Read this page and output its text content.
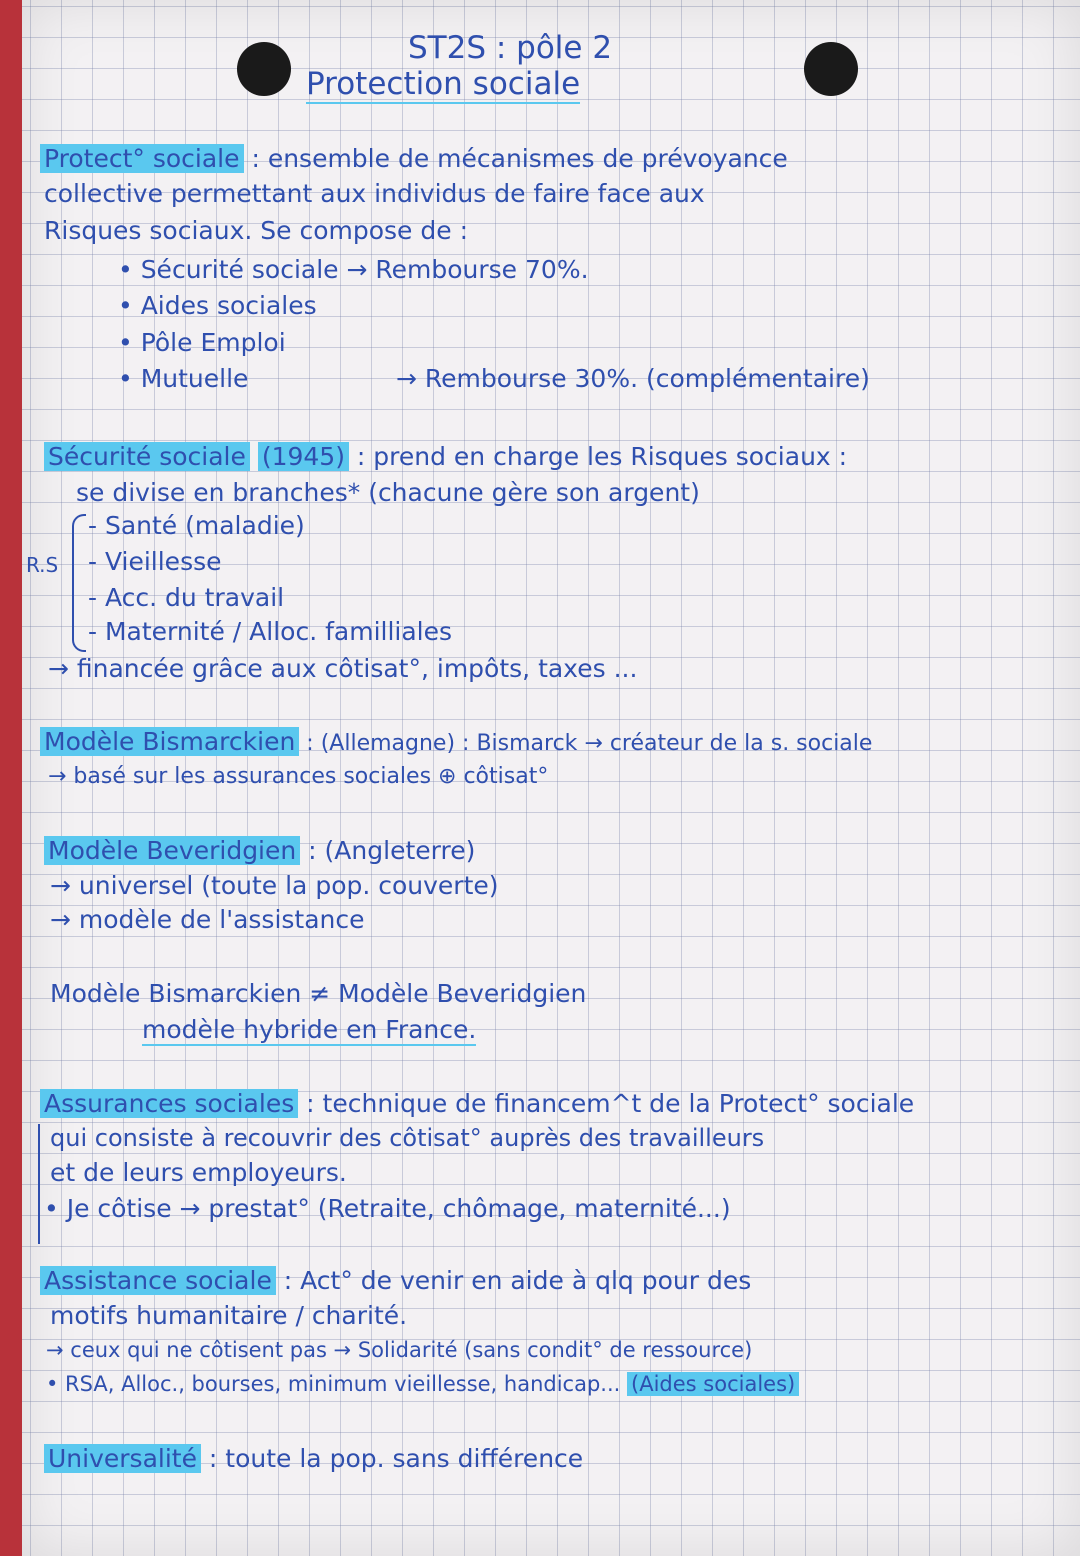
ST2S : pôle 2
Protection sociale
Protect° sociale : ensemble de mécanismes de prévoyance
collective permettant aux individus de faire face aux
Risques sociaux. Se compose de :
• Sécurité sociale → Rembourse 70%.
• Aides sociales
• Pôle Emploi
• Mutuelle	→ Rembourse 30%. (complémentaire)
Sécurité sociale (1945) : prend en charge les Risques sociaux :
se divise en branches* (chacune gère son argent)
R.S
- Santé (maladie)
- Vieillesse
- Acc. du travail
- Maternité / Alloc. familliales
→ financée grâce aux côtisat°, impôts, taxes ...
Modèle Bismarckien : (Allemagne) : Bismarck → créateur de la s. sociale
→ basé sur les assurances sociales ⊕ côtisat°
Modèle Beveridgien : (Angleterre)
→ universel (toute la pop. couverte)
→ modèle de l'assistance
Modèle Bismarckien ≠ Modèle Beveridgien
modèle hybride en France.
Assurances sociales : technique de financem^t de la Protect° sociale
qui consiste à recouvrir des côtisat° auprès des travailleurs
et de leurs employeurs.
• Je côtise → prestat° (Retraite, chômage, maternité...)
Assistance sociale : Act° de venir en aide à qlq pour des
motifs humanitaire / charité.
→ ceux qui ne côtisent pas → Solidarité (sans condit° de ressource)
• RSA, Alloc., bourses, minimum vieillesse, handicap... (Aides sociales)
Universalité : toute la pop. sans différence
